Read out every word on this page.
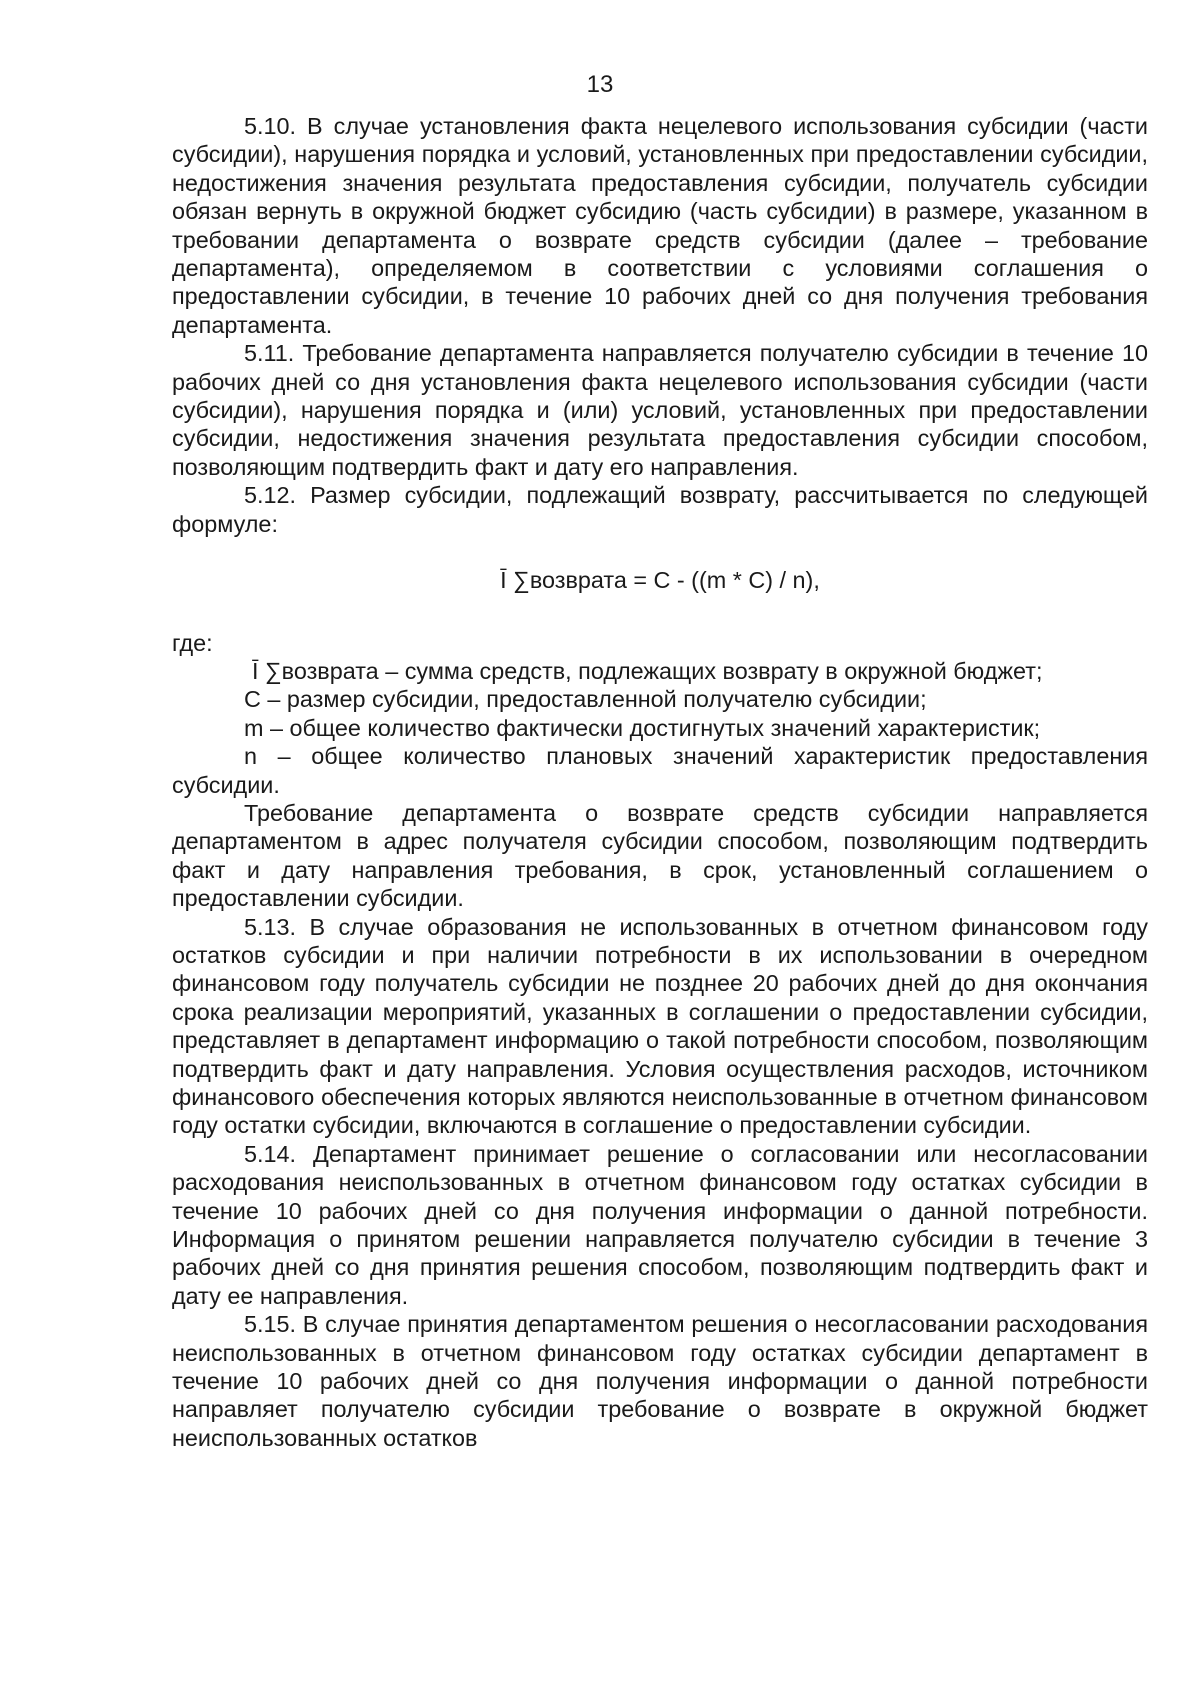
13

5.10. В случае установления факта нецелевого использования субсидии (части субсидии), нарушения порядка и условий, установленных при предоставлении субсидии, недостижения значения результата предоставления субсидии, получатель субсидии обязан вернуть в окружной бюджет субсидию (часть субсидии) в размере, указанном в требовании департамента о возврате средств субсидии (далее – требование департамента), определяемом в соответствии с условиями соглашения о предоставлении субсидии, в течение 10 рабочих дней со дня получения требования департамента.

5.11. Требование департамента направляется получателю субсидии в течение 10 рабочих дней со дня установления факта нецелевого использования субсидии (части субсидии), нарушения порядка и (или) условий, установленных при предоставлении субсидии, недостижения значения результата предоставления субсидии способом, позволяющим подтвердить факт и дату его направления.

5.12. Размер субсидии, подлежащий возврату, рассчитывается по следующей формуле:

Ῑ ∑возврата = C - ((m * C) / n),

где:

Ῑ ∑возврата – сумма средств, подлежащих возврату в окружной бюджет;

C – размер субсидии, предоставленной получателю субсидии;

m – общее количество фактически достигнутых значений характеристик;

n – общее количество плановых значений характеристик предоставления субсидии.

Требование департамента о возврате средств субсидии направляется департаментом в адрес получателя субсидии способом, позволяющим подтвердить факт и дату направления требования, в срок, установленный соглашением о предоставлении субсидии.

5.13. В случае образования не использованных в отчетном финансовом году остатков субсидии и при наличии потребности в их использовании в очередном финансовом году получатель субсидии не позднее 20 рабочих дней до дня окончания срока реализации мероприятий, указанных в соглашении о предоставлении субсидии, представляет в департамент информацию о такой потребности способом, позволяющим подтвердить факт и дату направления. Условия осуществления расходов, источником финансового обеспечения которых являются неиспользованные в отчетном финансовом году остатки субсидии, включаются в соглашение о предоставлении субсидии.

5.14. Департамент принимает решение о согласовании или несогласовании расходования неиспользованных в отчетном финансовом году остатках субсидии в течение 10 рабочих дней со дня получения информации о данной потребности. Информация о принятом решении направляется получателю субсидии в течение 3 рабочих дней со дня принятия решения способом, позволяющим подтвердить факт и дату ее направления.

5.15. В случае принятия департаментом решения о несогласовании расходования неиспользованных в отчетном финансовом году остатках субсидии департамент в течение 10 рабочих дней со дня получения информации о данной потребности направляет получателю субсидии требование о возврате в окружной бюджет неиспользованных остатков
